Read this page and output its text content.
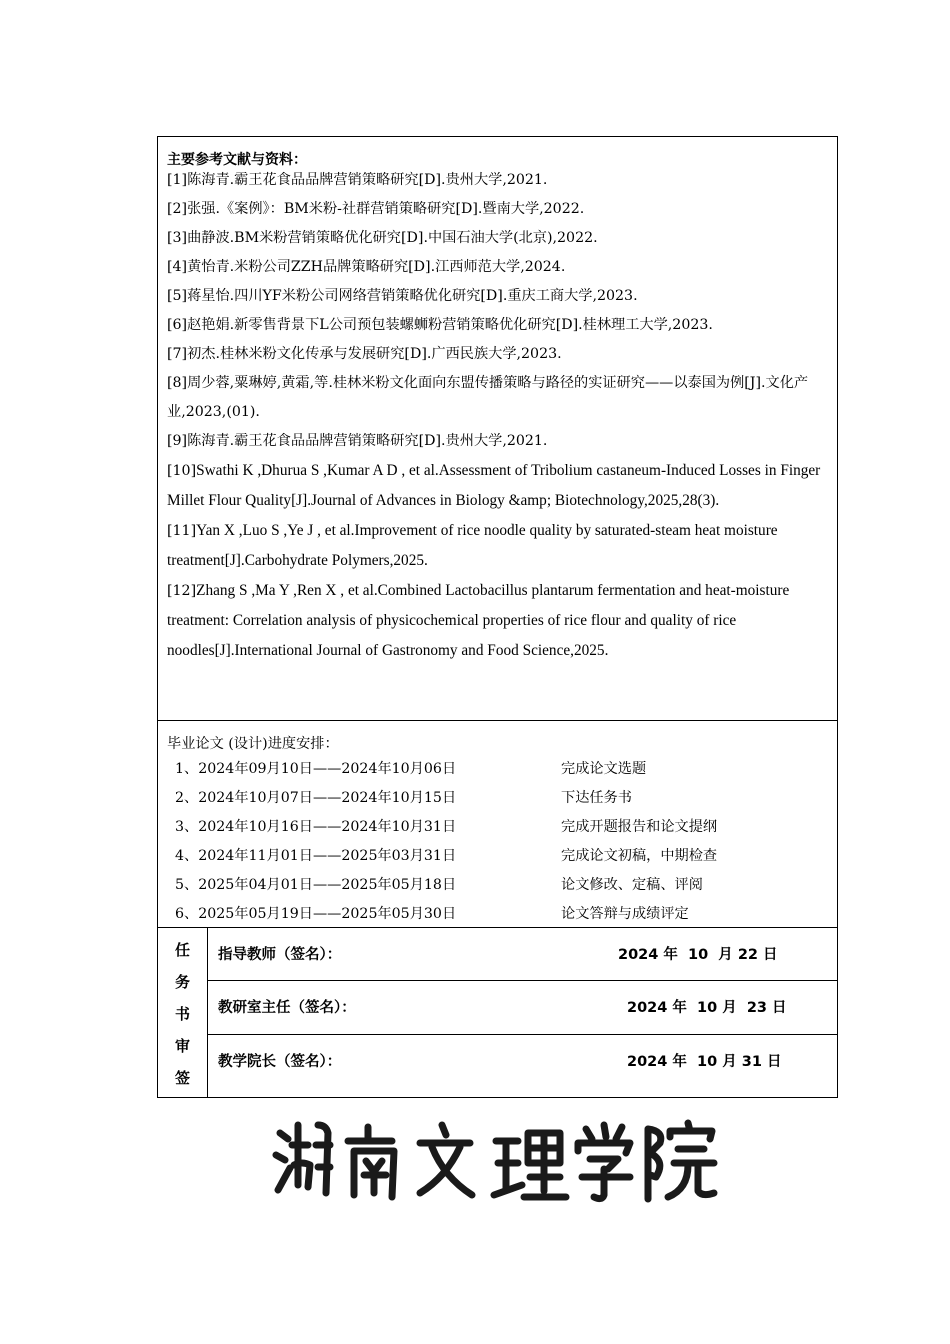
主要参考文献与资料：

[1]陈海青.霸王花食品品牌营销策略研究[D].贵州大学,2021.

[2]张强.《案例》：BM米粉-社群营销策略研究[D].暨南大学,2022.

[3]曲静波.BM米粉营销策略优化研究[D].中国石油大学(北京),2022.

[4]黄怡青.米粉公司ZZH品牌策略研究[D].江西师范大学,2024.

[5]蒋星怡.四川YF米粉公司网络营销策略优化研究[D].重庆工商大学,2023.

[6]赵艳娟.新零售背景下L公司预包装螺蛳粉营销策略优化研究[D].桂林理工大学,2023.

[7]初杰.桂林米粉文化传承与发展研究[D].广西民族大学,2023.

[8]周少蓉,粟琳婷,黄霜,等.桂林米粉文化面向东盟传播策略与路径的实证研究——以泰国为例[J].文化产业,2023,(01).

[9]陈海青.霸王花食品品牌营销策略研究[D].贵州大学,2021.

[10]Swathi K ,Dhurua S ,Kumar A D , et al.Assessment of Tribolium castaneum-Induced Losses in Finger Millet Flour Quality[J].Journal of Advances in Biology &amp; Biotechnology,2025,28(3).

[11]Yan X ,Luo S ,Ye J , et al.Improvement of rice noodle quality by saturated-steam heat moisture treatment[J].Carbohydrate Polymers,2025.

[12]Zhang S ,Ma Y ,Ren X , et al.Combined Lactobacillus plantarum fermentation and heat-moisture treatment: Correlation analysis of physicochemical properties of rice flour and quality of rice noodles[J].International Journal of Gastronomy and Food Science,2025.

毕业论文 (设计)进度安排：
1、2024年09月10日——2024年10月06日	完成论文选题
2、2024年10月07日——2024年10月15日	下达任务书
3、2024年10月16日——2024年10月31日	完成开题报告和论文提纲
4、2024年11月01日——2025年03月31日	完成论文初稿，中期检查
5、2025年04月01日——2025年05月18日	论文修改、定稿、评阅
6、2025年05月19日——2025年05月30日	论文答辩与成绩评定
任
务
书
审
签
指导教师（签名）：	2024 年  10  月 22 日
教研室主任（签名）：	2024 年  10 月  23 日
教学院长（签名）：	2024 年  10 月 31 日
